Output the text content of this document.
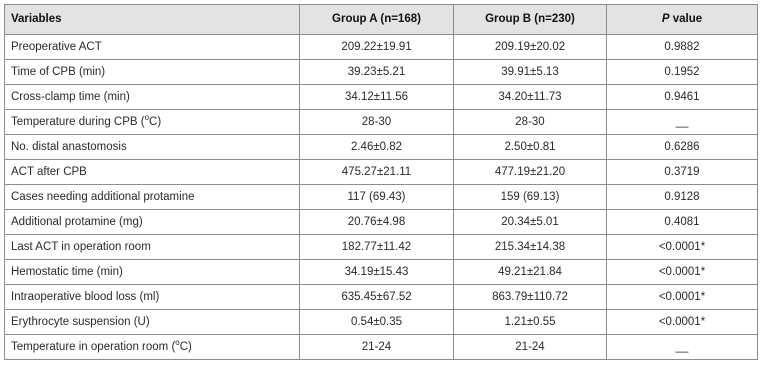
Variables	Group A (n=168)	Group B (n=230)	P value
Preoperative ACT	209.22±19.91	209.19±20.02	0.9882
Time of CPB (min)	39.23±5.21	39.91±5.13	0.1952
Cross-clamp time (min)	34.12±11.56	34.20±11.73	0.9461
Temperature during CPB ($^o$C)	28-30	28-30	__
No. distal anastomosis	2.46±0.82	2.50±0.81	0.6286
ACT after CPB	475.27±21.11	477.19±21.20	0.3719
Cases needing additional protamine	117 (69.43)	159 (69.13)	0.9128
Additional protamine (mg)	20.76±4.98	20.34±5.01	0.4081
Last ACT in operation room	182.77±11.42	215.34±14.38	<0.0001*
Hemostatic time (min)	34.19±15.43	49.21±21.84	<0.0001*
Intraoperative blood loss (ml)	635.45±67.52	863.79±110.72	<0.0001*
Erythrocyte suspension (U)	0.54±0.35	1.21±0.55	<0.0001*
Temperature in operation room ($^o$C)	21-24	21-24	__
